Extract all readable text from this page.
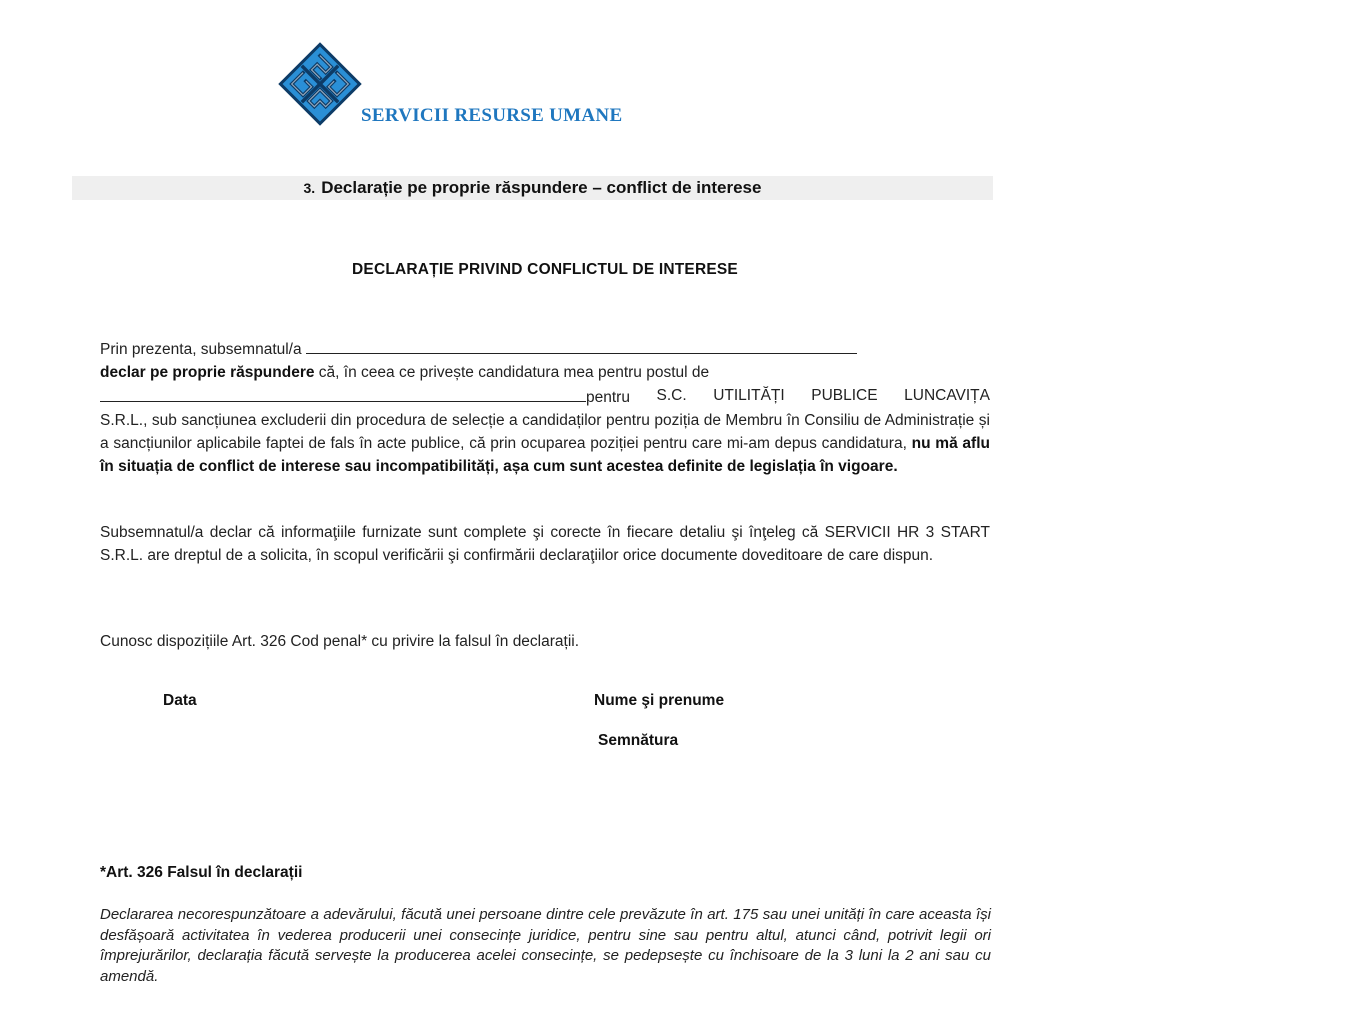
SERVICII RESURSE UMANE
3. Declarație pe proprie răspundere – conflict de interese
DECLARAȚIE PRIVIND CONFLICTUL DE INTERESE
Prin prezenta, subsemnatul/a
declar pe proprie răspundere că, în ceea ce privește candidatura mea pentru postul de
pentru S.C. UTILITĂȚI PUBLICE LUNCAVIȚA
S.R.L., sub sancțiunea excluderii din procedura de selecție a candidaților pentru poziția de Membru în Consiliu de Administrație și a sancțiunilor aplicabile faptei de fals în acte publice, că prin ocuparea poziției pentru care mi-am depus candidatura, nu mă aflu în situația de conflict de interese sau incompatibilități, așa cum sunt acestea definite de legislația în vigoare.
Subsemnatul/a declar că informaţiile furnizate sunt complete şi corecte în fiecare detaliu şi înţeleg că SERVICII HR 3 START S.R.L. are dreptul de a solicita, în scopul verificării şi confirmării declaraţiilor orice documente doveditoare de care dispun.
Cunosc dispozițiile Art. 326 Cod penal* cu privire la falsul în declarații.
Data	Nume şi prenume
Semnătura
*Art. 326 Falsul în declarații
Declararea necorespunzătoare a adevărului, făcută unei persoane dintre cele prevăzute în art. 175 sau unei unități în care aceasta își desfășoară activitatea în vederea producerii unei consecințe juridice, pentru sine sau pentru altul, atunci când, potrivit legii ori împrejurărilor, declarația făcută servește la producerea acelei consecințe, se pedepsește cu închisoare de la 3 luni la 2 ani sau cu amendă.
